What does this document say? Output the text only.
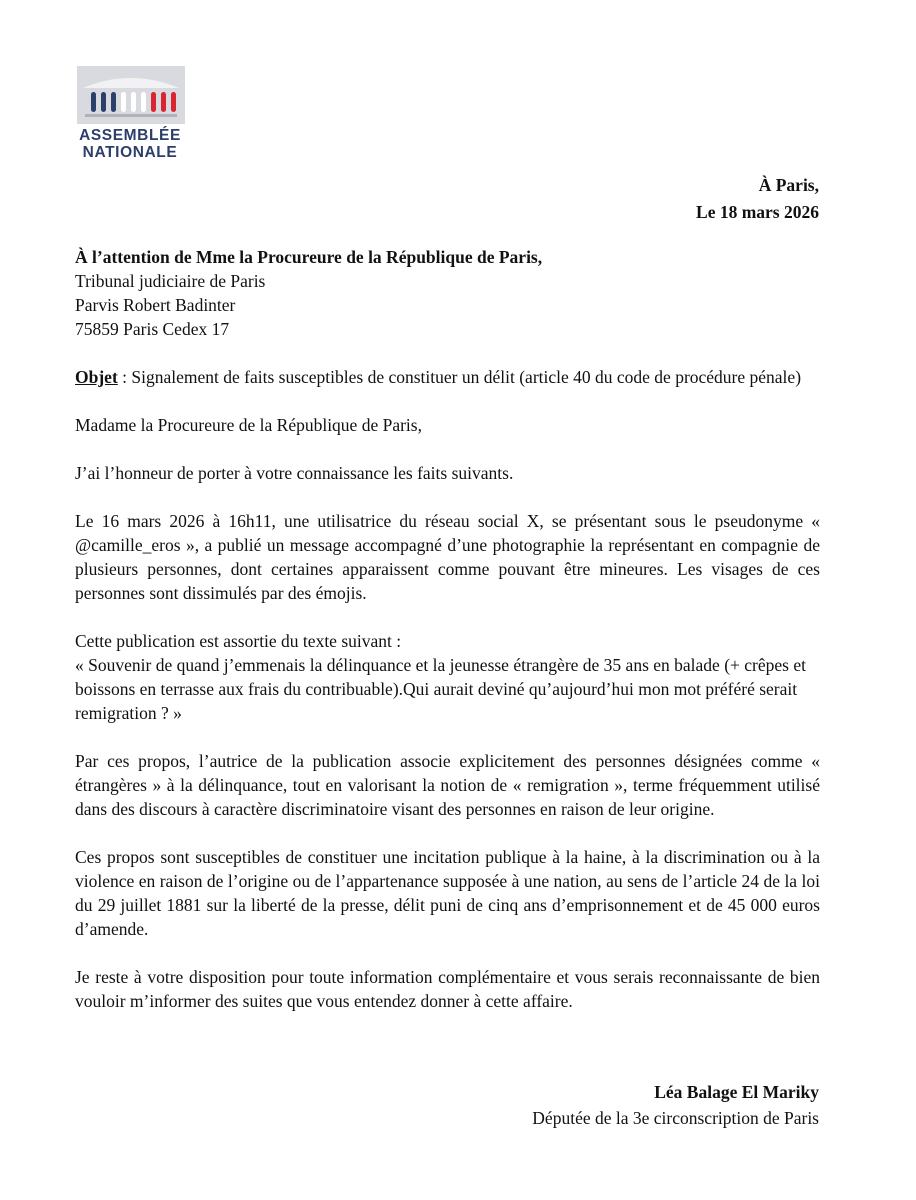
ASSEMBLÉE
NATIONALE
À Paris,
Le 18 mars 2026

À l’attention de Mme la Procureure de la République de Paris,
Tribunal judiciaire de Paris
Parvis Robert Badinter
75859 Paris Cedex 17

Objet : Signalement de faits susceptibles de constituer un délit (article 40 du code de procédure pénale)

Madame la Procureure de la République de Paris,

J’ai l’honneur de porter à votre connaissance les faits suivants.

Le 16 mars 2026 à 16h11, une utilisatrice du réseau social X, se présentant sous le pseudonyme « @camille_eros », a publié un message accompagné d’une photographie la représentant en compagnie de plusieurs personnes, dont certaines apparaissent comme pouvant être mineures. Les visages de ces personnes sont dissimulés par des émojis.

Cette publication est assortie du texte suivant :
« Souvenir de quand j’emmenais la délinquance et la jeunesse étrangère de 35 ans en balade (+ crêpes et boissons en terrasse aux frais du contribuable).Qui aurait deviné qu’aujourd’hui mon mot préféré serait remigration ? »

Par ces propos, l’autrice de la publication associe explicitement des personnes désignées comme « étrangères » à la délinquance, tout en valorisant la notion de « remigration », terme fréquemment utilisé dans des discours à caractère discriminatoire visant des personnes en raison de leur origine.

Ces propos sont susceptibles de constituer une incitation publique à la haine, à la discrimination ou à la violence en raison de l’origine ou de l’appartenance supposée à une nation, au sens de l’article 24 de la loi du 29 juillet 1881 sur la liberté de la presse, délit puni de cinq ans d’emprisonnement et de 45 000 euros d’amende.

Je reste à votre disposition pour toute information complémentaire et vous serais reconnaissante de bien vouloir m’informer des suites que vous entendez donner à cette affaire.

Léa Balage El Mariky
Députée de la 3e circonscription de Paris
